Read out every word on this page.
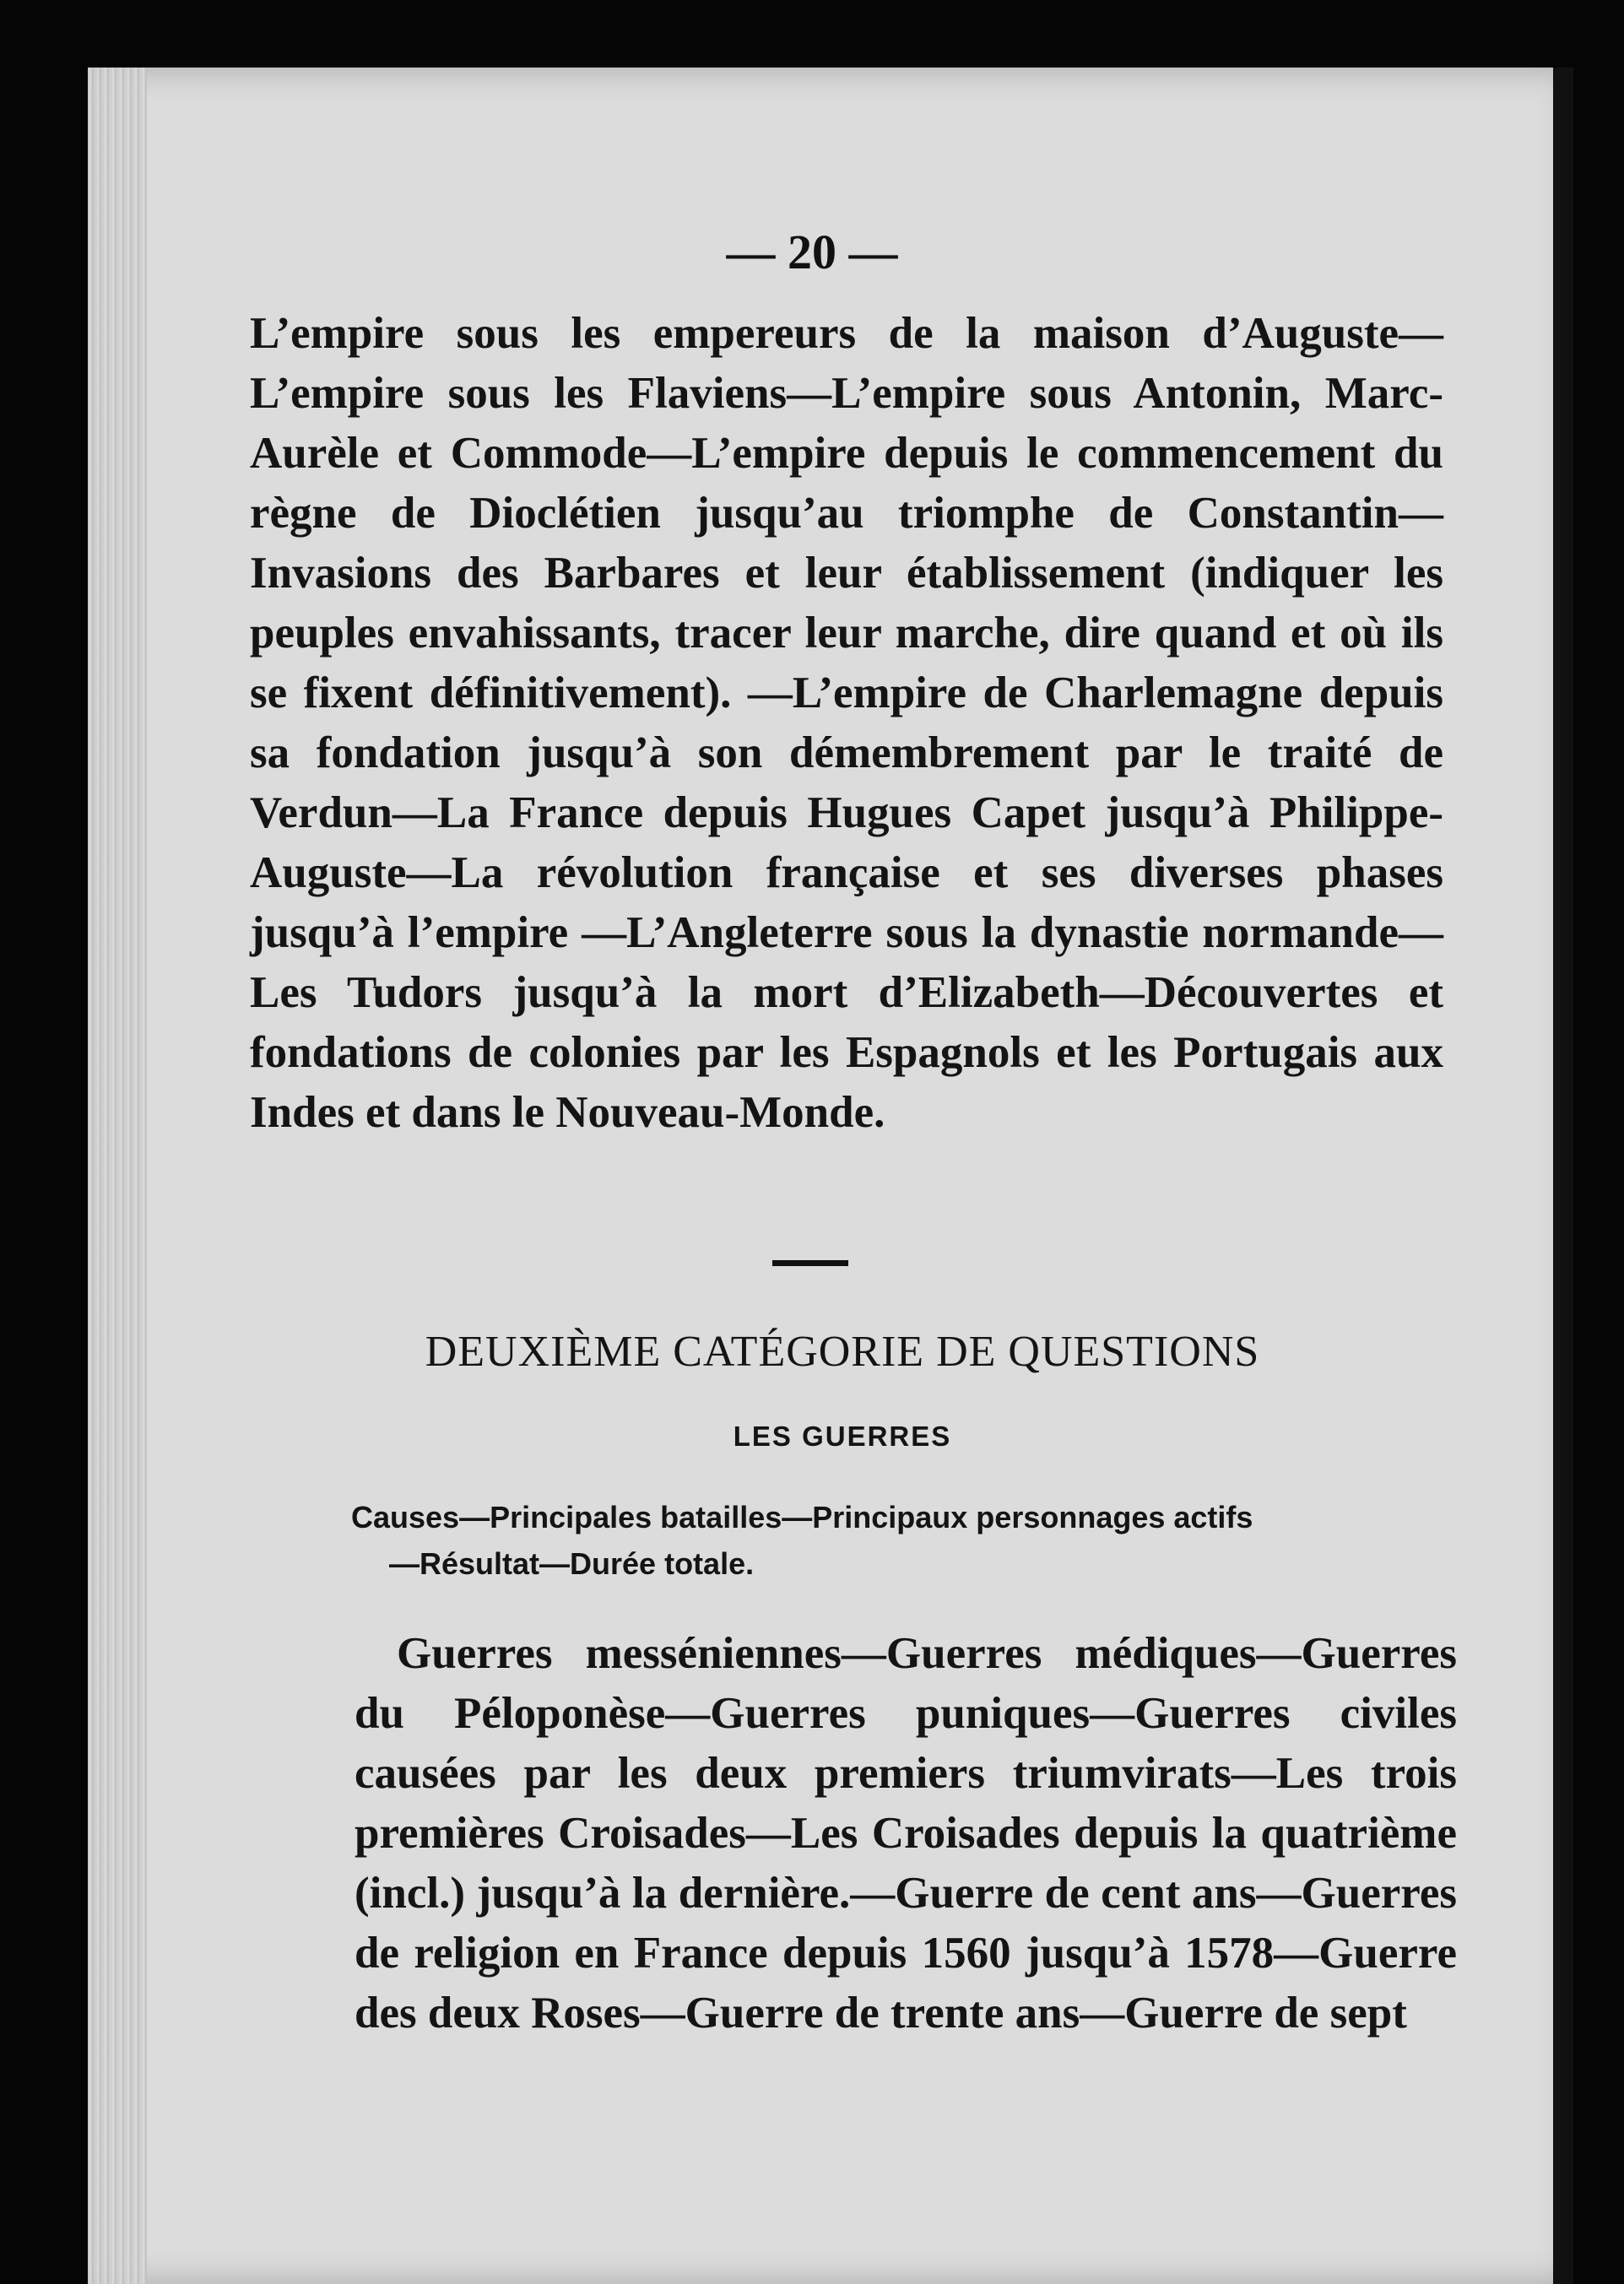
— 20 —
L’empire sous les empereurs de la maison d’Auguste— L’empire sous les Flaviens—L’empire sous Antonin, Marc-Aurèle et Commode—L’empire depuis le commencement du règne de Dioclétien jusqu’au triomphe de Constantin—Invasions des Barbares et leur établissement (indiquer les peuples envahissants, tracer leur marche, dire quand et où ils se fixent définitivement). —L’empire de Charlemagne depuis sa fondation jusqu’à son démembrement par le traité de Verdun—La France depuis Hugues Capet jusqu’à Philippe-Auguste—La révolution française et ses diverses phases jusqu’à l’empire —L’Angleterre sous la dynastie normande—Les Tudors jusqu’à la mort d’Elizabeth—Découvertes et fondations de colonies par les Espagnols et les Portugais aux Indes et dans le Nouveau-Monde.
DEUXIÈME CATÉGORIE DE QUESTIONS
LES GUERRES
Causes—Principales batailles—Principaux personnages actifs
—Résultat—Durée totale.
Guerres messéniennes—Guerres médiques—Guerres du Péloponèse—Guerres puniques—Guerres civiles causées par les deux premiers triumvirats—Les trois premières Croisades—Les Croisades depuis la quatrième (incl.) jusqu’à la dernière.—Guerre de cent ans—Guerres de religion en France depuis 1560 jusqu’à 1578—Guerre des deux Roses—Guerre de trente ans—Guerre de sept
